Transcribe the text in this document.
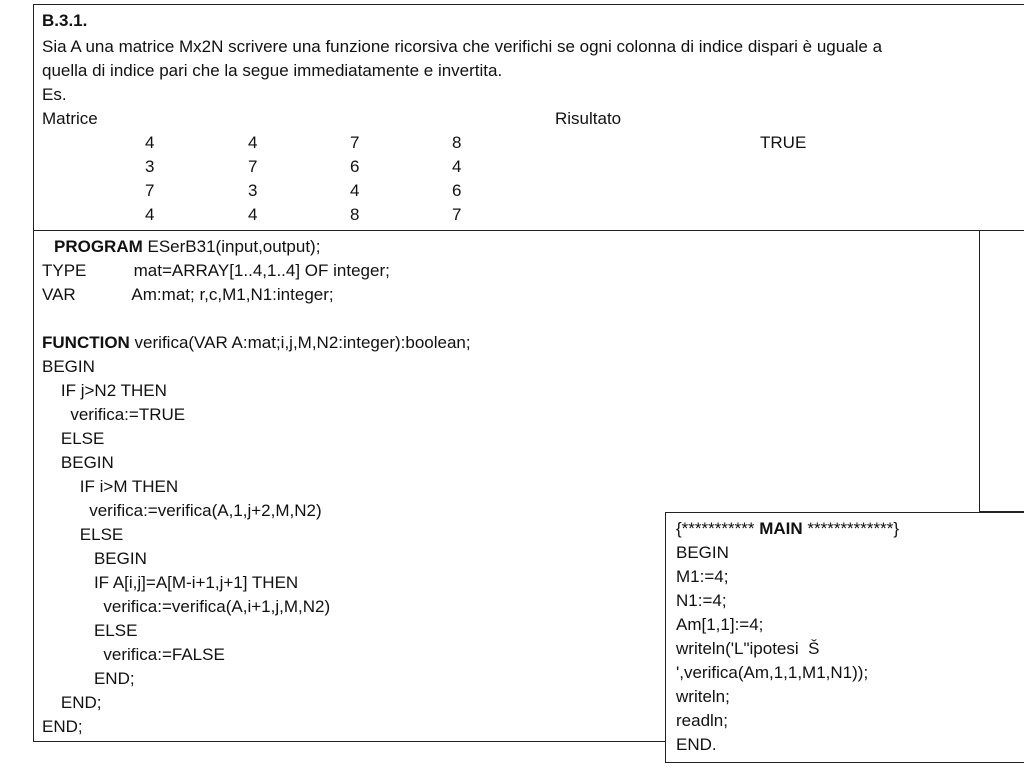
B.3.1.
Sia A una matrice Mx2N scrivere una funzione ricorsiva che verifichi se ogni colonna di indice dispari è uguale a
quella di indice pari che la segue immediatamente e invertita.
Es.
Matrice	Risultato
TRUE
4	4	7	8
3	7	6	4
7	3	4	6
4	4	8	7
PROGRAM ESerB31(input,output);
TYPE          mat=ARRAY[1..4,1..4] OF integer;
VAR            Am:mat; r,c,M1,N1:integer;
FUNCTION verifica(VAR A:mat;i,j,M,N2:integer):boolean;
BEGIN
IF j>N2 THEN
verifica:=TRUE
ELSE
BEGIN
IF i>M THEN
verifica:=verifica(A,1,j+2,M,N2)
ELSE
BEGIN
IF A[i,j]=A[M-i+1,j+1] THEN
verifica:=verifica(A,i+1,j,M,N2)
ELSE
verifica:=FALSE
END;
END;
END;
{*********** MAIN *************}
BEGIN
M1:=4;
N1:=4;
Am[1,1]:=4;
writeln('L"ipotesi  Š
',verifica(Am,1,1,M1,N1));
writeln;
readln;
END.
